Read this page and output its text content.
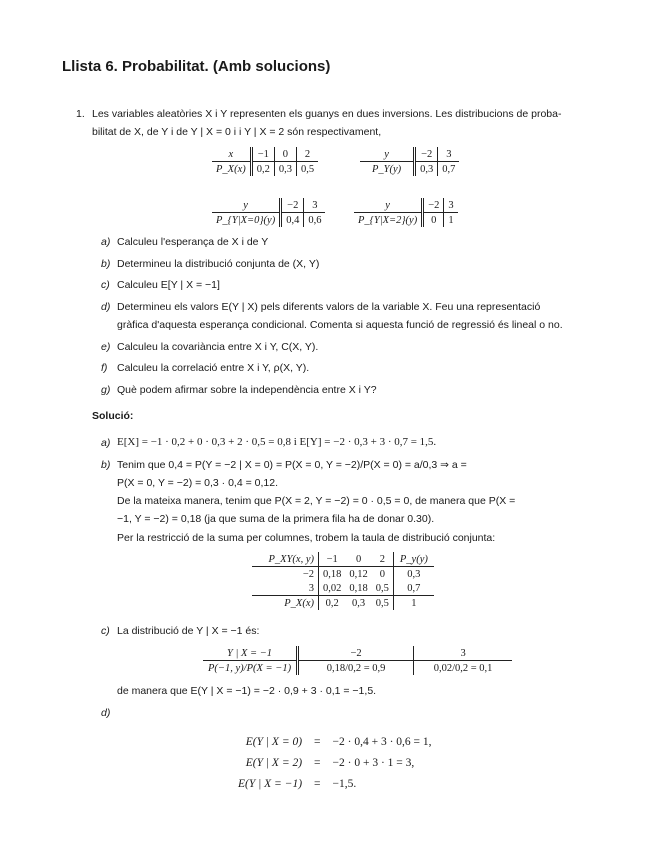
Llista 6. Probabilitat. (Amb solucions)
1. Les variables aleatòries X i Y representen els guanys en dues inversions. Les distribucions de proba-
bilitat de X, de Y i de Y | X = 0 i i Y | X = 2 són respectivament,
x	−1	0	2
P_X(x)	0,2	0,3	0,5
y	−2	3
P_Y(y)	0,3	0,7
y	−2	3
P_{Y|X=0}(y)	0,4	0,6
y	−2	3
P_{Y|X=2}(y)	0	1
a) Calculeu l'esperança de X i de Y
b) Determineu la distribució conjunta de (X, Y)
c) Calculeu E[Y | X = −1]
d) Determineu els valors E(Y | X) pels diferents valors de la variable X. Feu una representació
gràfica d'aquesta esperança condicional. Comenta si aquesta funció de regressió és lineal o no.
e) Calculeu la covariància entre X i Y, C(X, Y).
f) Calculeu la correlació entre X i Y, ρ(X, Y).
g) Què podem afirmar sobre la independència entre X i Y?
Solució:
a) E[X] = −1 · 0,2 + 0 · 0,3 + 2 · 0,5 = 0,8 i E[Y] = −2 · 0,3 + 3 · 0,7 = 1,5.
b) Tenim que 0,4 = P(Y = −2 | X = 0) = P(X = 0, Y = −2)/P(X = 0) = a/0,3 ⇒ a =
P(X = 0, Y = −2) = 0,3 · 0,4 = 0,12.
De la mateixa manera, tenim que P(X = 2, Y = −2) = 0 · 0,5 = 0, de manera que P(X =
−1, Y = −2) = 0,18 (ja que suma de la primera fila ha de donar 0.30).
Per la restricció de la suma per columnes, trobem la taula de distribució conjunta:
P_XY(x, y)	−1	0	2	P_y(y)
−2	0,18	0,12	0	0,3
3	0,02	0,18	0,5	0,7
P_X(x)	0,2	0,3	0,5	1
c) La distribució de Y | X = −1 és:
Y | X = −1	−2	3
P(−1, y)/P(X = −1)	0,18/0,2 = 0,9	0,02/0,2 = 0,1
de manera que E(Y | X = −1) = −2 · 0,9 + 3 · 0,1 = −1,5.
d)
E(Y | X = 0)	=	−2 · 0,4 + 3 · 0,6 = 1,
E(Y | X = 2)	=	−2 · 0 + 3 · 1 = 3,
E(Y | X = −1)	=	−1,5.
